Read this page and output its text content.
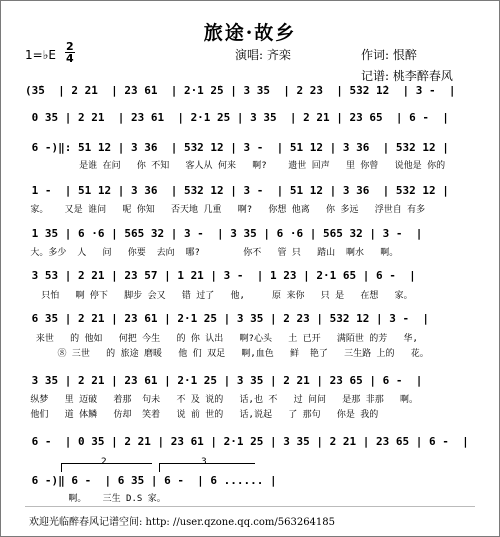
旅途·故乡
1=♭E
2
4	演唱: 齐栾	作词: 恨醉
记谱: 桃李醉春风
(3̇5  | 2 2̇1  | 2̇3 6̇1  | 2·1 2̇5 | 3 3̇5  | 2 2̇3  | 5̇32 1̇2  | 3 -  |
0 35 | 2 21  | 23 61  | 2·1 25 | 3 35  | 2 21 | 23 65  | 6 -  |
6 -)‖: 51 12 | 3 36  | 532 12 | 3 -  | 51 12 | 3 36  | 532 12 |
是谁 在问   你 不知   客人从 何来   啊?    遗世 回声   里 你曾   说他是 你的
1 -  | 51 12 | 3 36  | 532 12 | 3 -  | 51 12 | 3 36  | 532 12 |
家。   又是 谁问   呢 你知   否天地 几重   啊?   你想 他离   你 多远   浮世自 有多
1 35 | 6 ·6 | 565 32 | 3 -  | 3 35 | 6 ·6 | 565 32 | 3 -  |
大。多少  人   问   你要  去向  哪?        你不   管 只   踏山  啊水   啊。
3 53 | 2 21 | 23 57 | 1 21 | 3 -  | 1 23 | 2·1 65 | 6 -  |
只怕   啊 停下   脚步 会又   错 过了   他,     原 来你   只 是   在想   家。
6 35 | 2 21 | 23 61 | 2·1 25 | 3 35 | 2 23 | 532 12 | 3 -  |
来世   的 他如   何把 今生   的 你 认出   啊?心头   土 已开   满陌世 的芳   华,
⑧ 三世   的 旅途 磨暖   他 们 双足   啊,血色   鲜  艳了   三生路 上的   花。
3 35 | 2 21 | 23 61 | 2·1 25 | 3 35 | 2 21 | 23 65 | 6 -  |
纵梦   里 迈破   着那  句未   不 及 说的   话,也 不   过 问问   是那 非那   啊。
他们   道 体鳞   仿却  笑着   说 前 世的   话,说起   了 那句   你是 我的
6 -  | 0 35 | 2 21 | 23 61 | 2·1 25 | 3 35 | 2 21 | 23 65 | 6 -  |
2	3
6 -)‖ 6 -  | 6 35 | 6 -  | 6 ...... |
啊。   三生 D.S 家。
欢迎光临醉春风记谱空间: http: //user.qzone.qq.com/563264185
